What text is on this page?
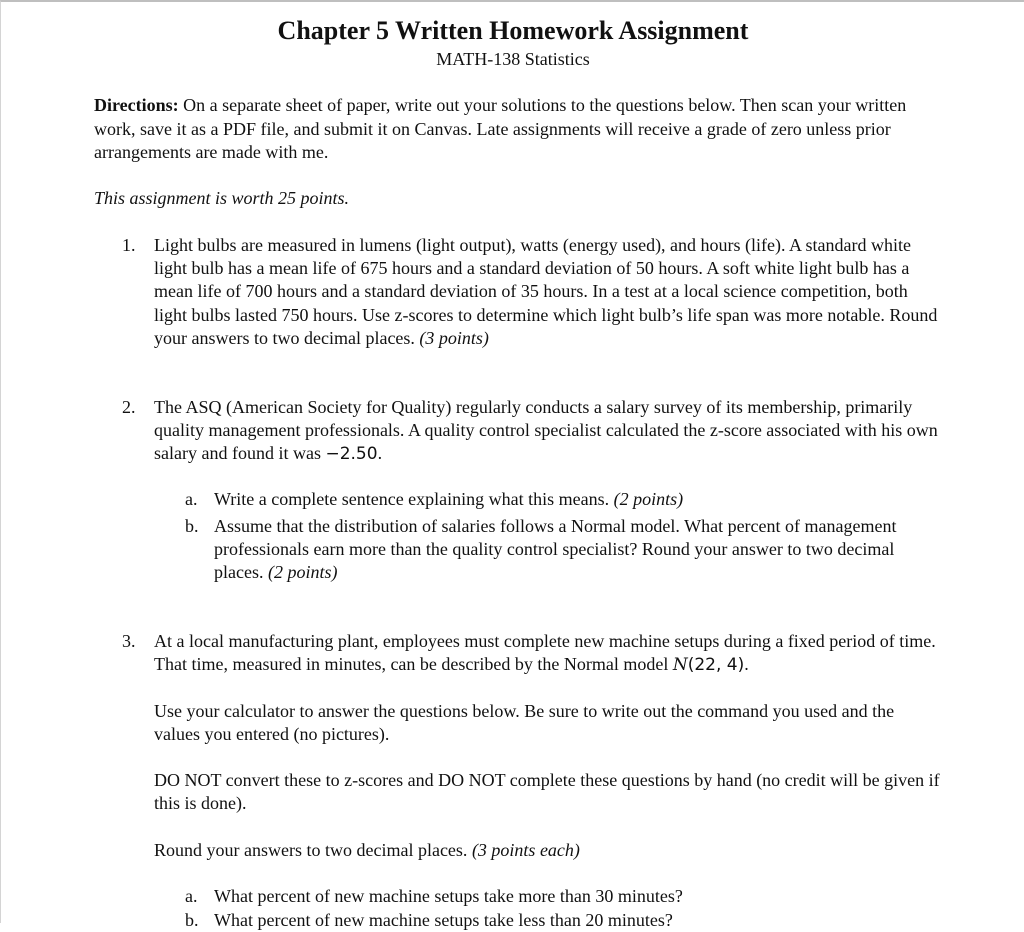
Chapter 5 Written Homework Assignment
MATH-138 Statistics

Directions: On a separate sheet of paper, write out your solutions to the questions below. Then scan your written work, save it as a PDF file, and submit it on Canvas. Late assignments will receive a grade of zero unless prior arrangements are made with me.

This assignment is worth 25 points.

1. Light bulbs are measured in lumens (light output), watts (energy used), and hours (life). A standard white light bulb has a mean life of 675 hours and a standard deviation of 50 hours. A soft white light bulb has a mean life of 700 hours and a standard deviation of 35 hours. In a test at a local science competition, both light bulbs lasted 750 hours. Use z-scores to determine which light bulb’s life span was more notable. Round your answers to two decimal places. (3 points)

2. The ASQ (American Society for Quality) regularly conducts a salary survey of its membership, primarily quality management professionals. A quality control specialist calculated the z-score associated with his own salary and found it was −2.50.

a. Write a complete sentence explaining what this means. (2 points)

b. Assume that the distribution of salaries follows a Normal model. What percent of management professionals earn more than the quality control specialist? Round your answer to two decimal places. (2 points)

3. At a local manufacturing plant, employees must complete new machine setups during a fixed period of time. That time, measured in minutes, can be described by the Normal model N(22, 4).

Use your calculator to answer the questions below. Be sure to write out the command you used and the values you entered (no pictures).

DO NOT convert these to z-scores and DO NOT complete these questions by hand (no credit will be given if this is done).

Round your answers to two decimal places. (3 points each)

a. What percent of new machine setups take more than 30 minutes?

b. What percent of new machine setups take less than 20 minutes?
